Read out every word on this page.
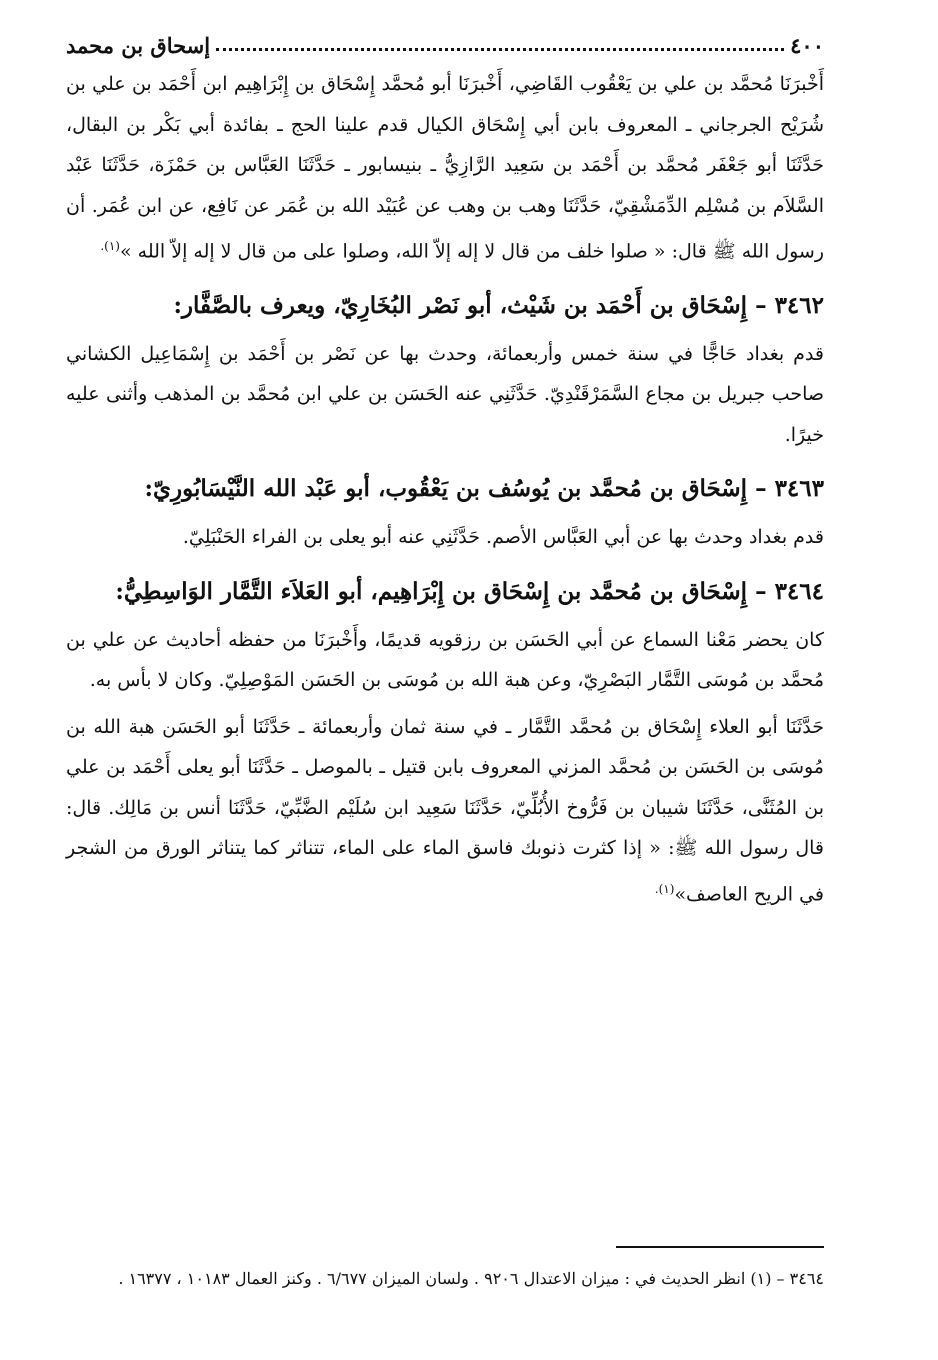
٤٠٠
إسحاق بن محمد

أَخْبرَنَا مُحمَّد بن علي بن يَعْقُوب القَاضِي، أَخْبرَنَا أبو مُحمَّد إِسْحَاق بن إِبْرَاهِيم ابن أَحْمَد بن علي بن شُرَيْح الجرجاني ـ المعروف بابن أبي إِسْحَاق الكيال قدم علينا الحج ـ بفائدة أبي بَكْر بن البقال، حَدَّثَنَا أبو جَعْفَر مُحمَّد بن أَحْمَد بن سَعِيد الرَّازِيُّ ـ بنيسابور ـ حَدَّثَنَا العَبَّاس بن حَمْزَة، حَدَّثَنَا عَبْد السَّلاَم بن مُسْلِم الدِّمَشْقِيّ، حَدَّثَنَا وهب بن وهب عن عُبَيْد الله بن عُمَر عن نَافِع، عن ابن عُمَر. أن رسول الله ﷺ قال: « صلوا خلف من قال لا إله إلاّ الله، وصلوا على من قال لا إله إلاّ الله »$^{(١).}$

٣٤٦٢– إِسْحَاق بن أَحْمَد بن شَيْث، أبو نَصْر البُخَارِيّ، ويعرف بالصَّفَّار:

قدم بغداد حَاجًّا في سنة خمس وأربعمائة، وحدث بها عن نَصْر بن أَحْمَد بن إِسْمَاعِيل الكشاني صاحب جبريل بن مجاع السَّمَرْقَنْدِيّ. حَدَّثَنِي عنه الحَسَن بن علي ابن مُحمَّد بن المذهب وأثنى عليه خيرًا.

٣٤٦٣– إِسْحَاق بن مُحمَّد بن يُوسُف بن يَعْقُوب، أبو عَبْد الله النَّيْسَابُورِيّ:

قدم بغداد وحدث بها عن أبي العَبَّاس الأصم. حَدَّثَنِي عنه أبو يعلى بن الفراء الحَنْبَلِيّ.

٣٤٦٤– إِسْحَاق بن مُحمَّد بن إِسْحَاق بن إِبْرَاهِيم، أبو العَلاَء التَّمَّار الوَاسِطِيُّ:

كان يحضر مَعْنا السماع عن أبي الحَسَن بن رزقويه قديمًا، وأَخْبرَنَا من حفظه أحاديث عن علي بن مُحمَّد بن مُوسَى التَّمَّار البَصْرِيّ، وعن هبة الله بن مُوسَى بن الحَسَن المَوْصِلِيّ. وكان لا بأس به.

حَدَّثَنَا أبو العلاء إِسْحَاق بن مُحمَّد التَّمَّار ـ في سنة ثمان وأربعمائة ـ حَدَّثَنَا أبو الحَسَن هبة الله بن مُوسَى بن الحَسَن بن مُحمَّد المزني المعروف بابن قتيل ـ بالموصل ـ حَدَّثَنَا أبو يعلى أَحْمَد بن علي بن المُثَنَّى، حَدَّثَنَا شيبان بن فَرُّوخ الأُبُلِّيّ، حَدَّثَنَا سَعِيد ابن سُلَيْم الضَّبِّيّ، حَدَّثَنَا أنس بن مَالِك. قال: قال رسول الله ﷺ: « إذا كثرت ذنوبك فاسق الماء على الماء، تتناثر كما يتناثر الورق من الشجر في الريح العاصف»$^{(١).}$

٣٤٦٤ – (١) انظر الحديث في : ميزان الاعتدال ٩٢٠٦ . ولسان الميزان ٦/٦٧٧ . وكنز العمال ١٠١٨٣ ، ١٦٣٧٧ .
